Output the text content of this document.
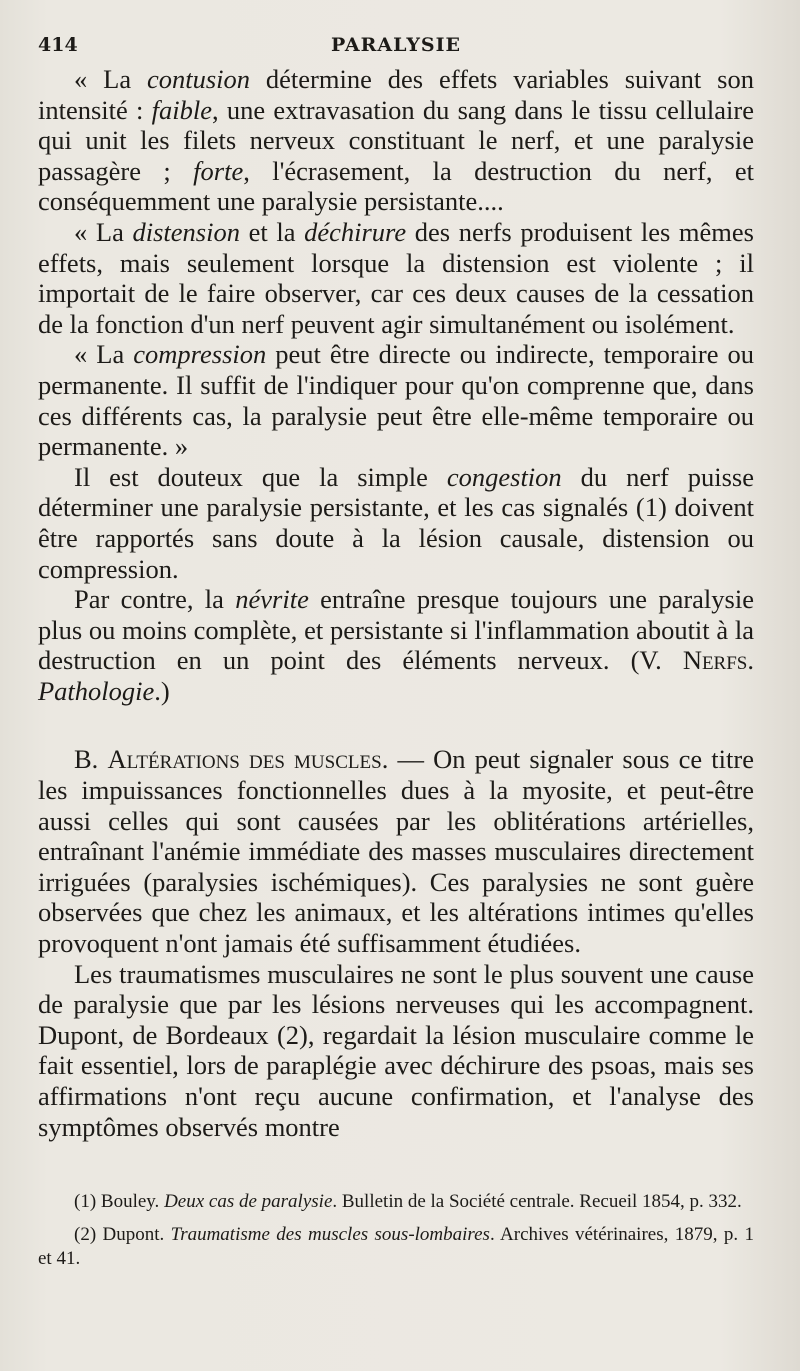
414	PARALYSIE

« La contusion détermine des effets variables suivant son intensité : faible, une extravasation du sang dans le tissu cellulaire qui unit les filets nerveux constituant le nerf, et une paralysie passagère ; forte, l'écrasement, la destruction du nerf, et conséquemment une paralysie persistante....

« La distension et la déchirure des nerfs produisent les mêmes effets, mais seulement lorsque la distension est violente ; il importait de le faire observer, car ces deux causes de la cessation de la fonction d'un nerf peuvent agir simultanément ou isolément.

« La compression peut être directe ou indirecte, temporaire ou permanente. Il suffit de l'indiquer pour qu'on comprenne que, dans ces différents cas, la paralysie peut être elle-même temporaire ou permanente. »

Il est douteux que la simple congestion du nerf puisse déterminer une paralysie persistante, et les cas signalés (1) doivent être rapportés sans doute à la lésion causale, distension ou compression.

Par contre, la névrite entraîne presque toujours une paralysie plus ou moins complète, et persistante si l'inflammation aboutit à la destruction en un point des éléments nerveux. (V. Nerfs. Pathologie.)

B. Altérations des muscles. — On peut signaler sous ce titre les impuissances fonctionnelles dues à la myosite, et peut-être aussi celles qui sont causées par les oblitérations artérielles, entraînant l'anémie immédiate des masses musculaires directement irriguées (paralysies ischémiques). Ces paralysies ne sont guère observées que chez les animaux, et les altérations intimes qu'elles provoquent n'ont jamais été suffisamment étudiées.

Les traumatismes musculaires ne sont le plus souvent une cause de paralysie que par les lésions nerveuses qui les accompagnent. Dupont, de Bordeaux (2), regardait la lésion musculaire comme le fait essentiel, lors de paraplégie avec déchirure des psoas, mais ses affirmations n'ont reçu aucune confirmation, et l'analyse des symptômes observés montre

(1) Bouley. Deux cas de paralysie. Bulletin de la Société centrale. Recueil 1854, p. 332.

(2) Dupont. Traumatisme des muscles sous-lombaires. Archives vétérinaires, 1879, p. 1 et 41.
